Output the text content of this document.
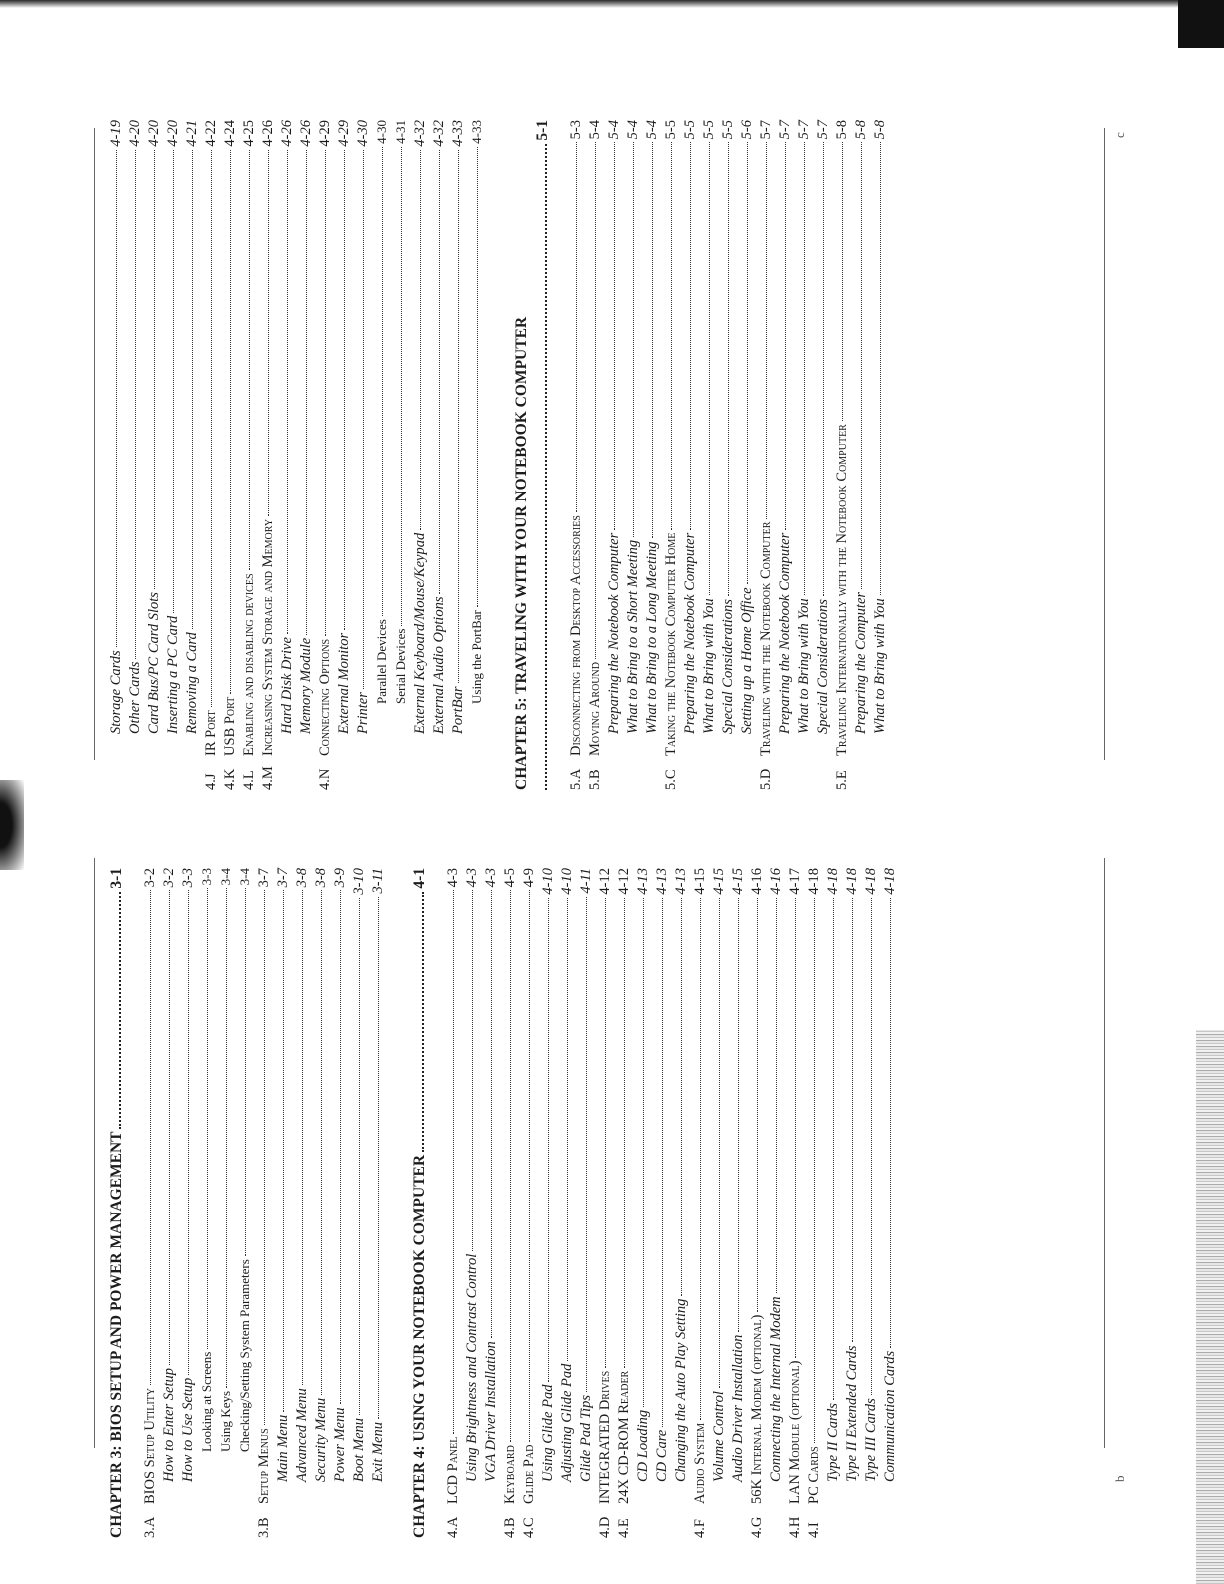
b
c
CHAPTER 3: BIOS SETUP AND POWER MANAGEMENT
3-1
3.A
BIOS Setup Utility
3-2
How to Enter Setup
3-2
How to Use Setup
3-3
Looking at Screens
3-3
Using Keys
3-4
Checking/Setting System Parameters
3-4
3.B
Setup Menus
3-7
Main Menu
3-7
Advanced Menu
3-8
Security Menu
3-8
Power Menu
3-9
Boot Menu
3-10
Exit Menu
3-11
CHAPTER 4: USING YOUR NOTEBOOK COMPUTER
4-1
4.A
LCD Panel
4-3
Using Brightness and Contrast Control
4-3
VGA Driver Installation
4-3
4.B
Keyboard
4-5
4.C
Glide Pad
4-9
Using Glide Pad
4-10
Adjusting Glide Pad
4-10
Glide Pad Tips
4-11
4.D
INTEGRATED Drives
4-12
4.E
24X CD-ROM Reader
4-12
CD Loading
4-13
CD Care
4-13
Changing the Auto Play Setting
4-13
4.F
Audio System
4-15
Volume Control
4-15
Audio Driver Installation
4-15
4.G
56K Internal Modem (optional)
4-16
Connecting the Internal Modem
4-16
4.H
LAN Module (optional)
4-17
4.I
PC Cards
4-18
Type II Cards
4-18
Type II Extended Cards
4-18
Type III Cards
4-18
Communication Cards
4-18
Storage Cards
4-19
Other Cards
4-20
Card Bus/PC Card Slots
4-20
Inserting a PC Card
4-20
Removing a Card
4-21
4.J
IR Port
4-22
4.K
USB Port
4-24
4.L
Enabling and disabling devices
4-25
4.M
Increasing System Storage and Memory
4-26
Hard Disk Drive
4-26
Memory Module
4-26
4.N
Connecting Options
4-29
External Monitor
4-29
Printer
4-30
Parallel Devices
4-30
Serial Devices
4-31
External Keyboard/Mouse/Keypad
4-32
External Audio Options
4-32
PortBar
4-33
Using the PortBar
4-33
CHAPTER 5: TRAVELING WITH YOUR NOTEBOOK COMPUTER
5-1
5.A
Disconnecting from Desktop Accessories
5-3
5.B
Moving Around
5-4
Preparing the Notebook Computer
5-4
What to Bring to a Short Meeting
5-4
What to Bring to a Long Meeting
5-4
5.C
Taking the Notebook Computer Home
5-5
Preparing the Notebook Computer
5-5
What to Bring with You
5-5
Special Considerations
5-5
Setting up a Home Office
5-6
5.D
Traveling with the Notebook Computer
5-7
Preparing the Notebook Computer
5-7
What to Bring with You
5-7
Special Considerations
5-7
5.E
Traveling Internationally with the Notebook Computer
5-8
Preparing the Computer
5-8
What to Bring with You
5-8
